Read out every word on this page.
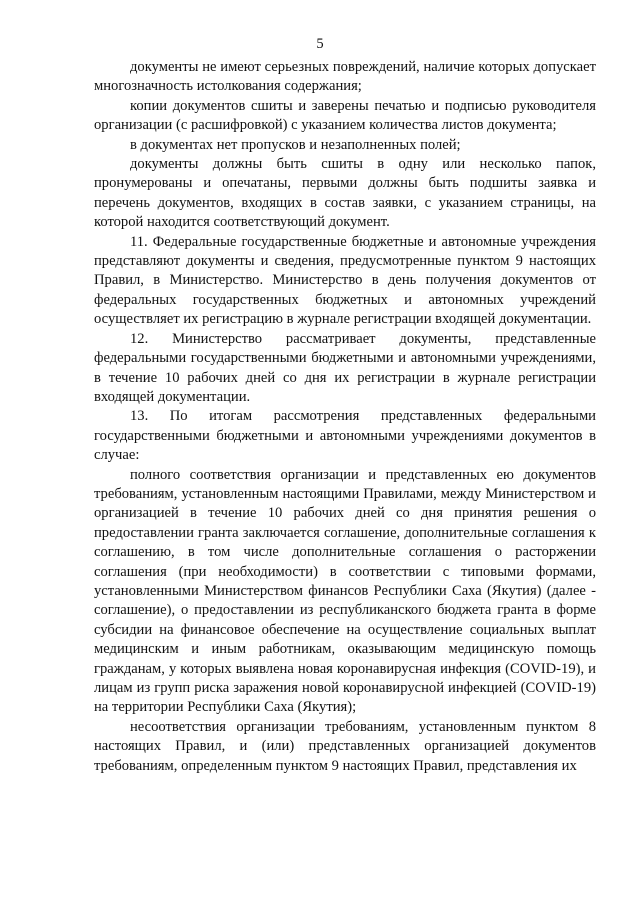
5

документы не имеют серьезных повреждений, наличие которых допускает многозначность истолкования содержания;

копии документов сшиты и заверены печатью и подписью руководителя организации (с расшифровкой) с указанием количества листов документа;

в документах нет пропусков и незаполненных полей;

документы должны быть сшиты в одну или несколько папок, пронумерованы и опечатаны, первыми должны быть подшиты заявка и перечень документов, входящих в состав заявки, с указанием страницы, на которой находится соответствующий документ.

11. Федеральные государственные бюджетные и автономные учреждения представляют документы и сведения, предусмотренные пунктом 9 настоящих Правил, в Министерство. Министерство в день получения документов от федеральных государственных бюджетных и автономных учреждений осуществляет их регистрацию в журнале регистрации входящей документации.

12. Министерство рассматривает документы, представленные федеральными государственными бюджетными и автономными учреждениями, в течение 10 рабочих дней со дня их регистрации в журнале регистрации входящей документации.

13. По итогам рассмотрения представленных федеральными государственными бюджетными и автономными учреждениями документов в случае:

полного соответствия организации и представленных ею документов требованиям, установленным настоящими Правилами, между Министерством и организацией в течение 10 рабочих дней со дня принятия решения о предоставлении гранта заключается соглашение, дополнительные соглашения к соглашению, в том числе дополнительные соглашения о расторжении соглашения (при необходимости) в соответствии с типовыми формами, установленными Министерством финансов Республики Саха (Якутия) (далее - соглашение), о предоставлении из республиканского бюджета гранта в форме субсидии на финансовое обеспечение на осуществление социальных выплат медицинским и иным работникам, оказывающим медицинскую помощь гражданам, у которых выявлена новая коронавирусная инфекция (COVID-19), и лицам из групп риска заражения новой коронавирусной инфекцией (COVID-19) на территории Республики Саха (Якутия);

несоответствия организации требованиям, установленным пунктом 8 настоящих Правил, и (или) представленных организацией документов требованиям, определенным пунктом 9 настоящих Правил, представления их
